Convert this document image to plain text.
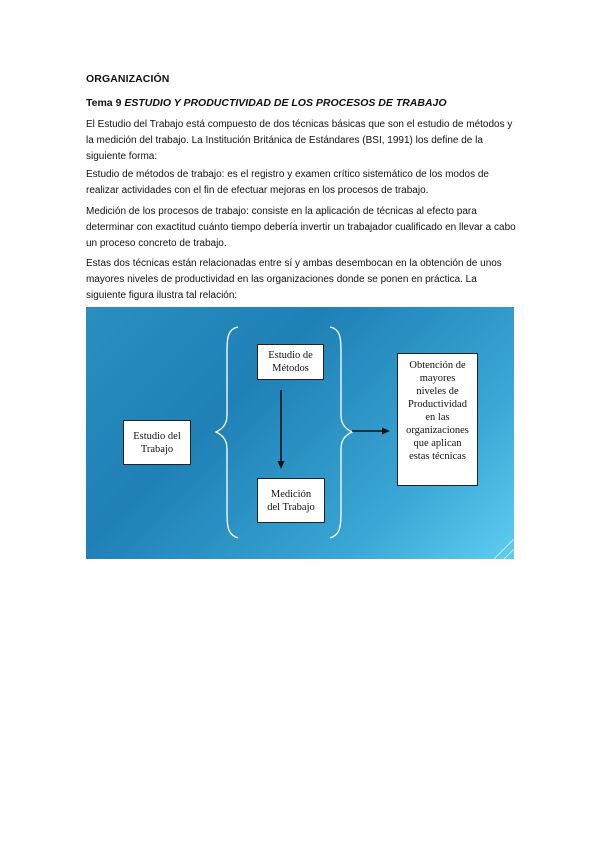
ORGANIZACIÓN
Tema 9 ESTUDIO Y PRODUCTIVIDAD DE LOS PROCESOS DE TRABAJO

El Estudio del Trabajo está compuesto de dos técnicas básicas que son el estudio de métodos y la medición del trabajo. La Institución Británica de Estándares (BSI, 1991) los define de la siguiente forma:

Estudio de métodos de trabajo: es el registro y examen crítico sistemático de los modos de realizar actividades con el fin de efectuar mejoras en los procesos de trabajo.

Medición de los procesos de trabajo: consiste en la aplicación de técnicas al efecto para determinar con exactitud cuánto tiempo debería invertir un trabajador cualificado en llevar a cabo un proceso concreto de trabajo.

Estas dos técnicas están relacionadas entre sí y ambas desembocan en la obtención de unos mayores niveles de productividad en las organizaciones donde se ponen en práctica. La siguiente figura ilustra tal relación:

Estudio del
Trabajo
Estudio de
Métodos
Medición
del Trabajo
Obtención de
mayores
niveles de
Productividad
en las
organizaciones
que aplican
estas técnicas
